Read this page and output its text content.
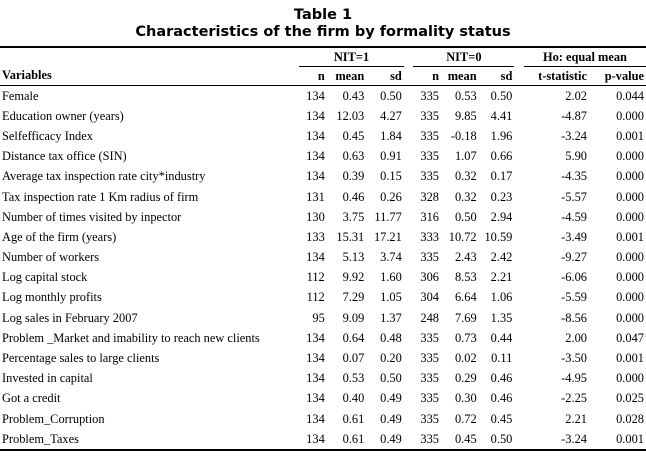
Table 1
Characteristics of the firm by formality status
	NIT=1				NIT=0				Ho: equal mean	
Variables	n	mean	sd		n	mean	sd		t-statistic	p-value
Female	134	0.43	0.50		335	0.53	0.50		2.02	0.044
Education owner (years)	134	12.03	4.27		335	9.85	4.41		-4.87	0.000
Selfefficacy Index	134	0.45	1.84		335	-0.18	1.96		-3.24	0.001
Distance tax office (SIN)	134	0.63	0.91		335	1.07	0.66		5.90	0.000
Average tax inspection rate city*industry	134	0.39	0.15		335	0.32	0.17		-4.35	0.000
Tax inspection rate 1 Km radius of firm	131	0.46	0.26		328	0.32	0.23		-5.57	0.000
Number of times visited by inpector	130	3.75	11.77		316	0.50	2.94		-4.59	0.000
Age of the firm (years)	133	15.31	17.21		333	10.72	10.59		-3.49	0.001
Number of workers	134	5.13	3.74		335	2.43	2.42		-9.27	0.000
Log capital stock	112	9.92	1.60		306	8.53	2.21		-6.06	0.000
Log monthly profits	112	7.29	1.05		304	6.64	1.06		-5.59	0.000
Log sales in February 2007	95	9.09	1.37		248	7.69	1.35		-8.56	0.000
Problem _Market and imability to reach new clients	134	0.64	0.48		335	0.73	0.44		2.00	0.047
Percentage sales to large clients	134	0.07	0.20		335	0.02	0.11		-3.50	0.001
Invested in capital	134	0.53	0.50		335	0.29	0.46		-4.95	0.000
Got a credit	134	0.40	0.49		335	0.30	0.46		-2.25	0.025
Problem_Corruption	134	0.61	0.49		335	0.72	0.45		2.21	0.028
Problem_Taxes	134	0.61	0.49		335	0.45	0.50		-3.24	0.001
